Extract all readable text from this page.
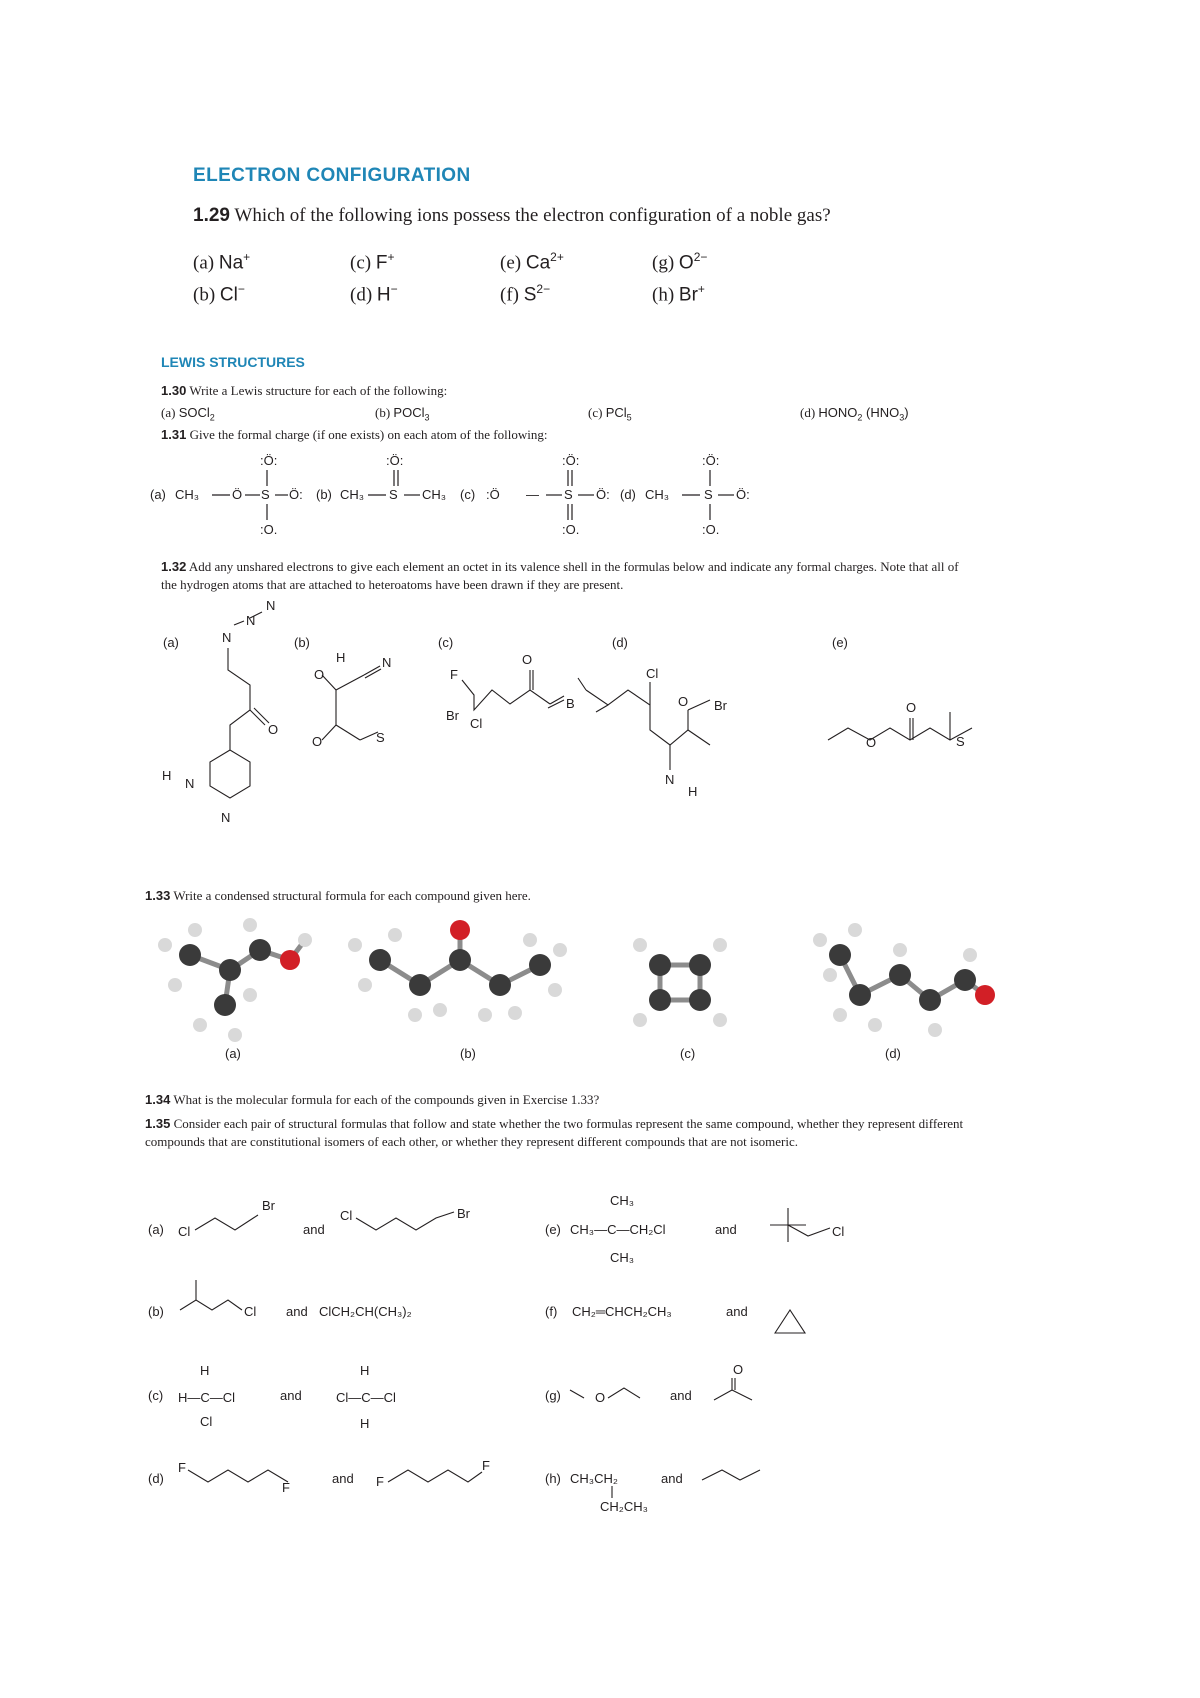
ELECTRON CONFIGURATION
1.29 Which of the following ions possess the electron configuration of a noble gas?
(a) Na+	(c) F+	(e) $Ca^{2+}$	(g) $O^{2-}$
(b) Cl−	(d) H−	(f) $S^{2-}$	(h) Br+
LEWIS STRUCTURES
1.30 Write a Lewis structure for each of the following:
(a) SOCl$_2$	(b) POCl$_3$	(c) PCl$_5$	(d) $HONO_2$ $(HNO_3)$
1.31 Give the formal charge (if one exists) on each atom of the following:
(a) CH₃	Ö S Ö:
:Ö:
:O.
(b) CH₃ S CH₃
:Ö:
(c) :Ö	S Ö:
—
:Ö:
:O.
(d) CH₃	S Ö:
:Ö:
:O.
1.32 Add any unshared electrons to give each element an octet in its valence shell in the formulas below and indicate any formal charges. Note that all of the hydrogen atoms that are attached to heteroatoms have been drawn if they are present.
(a)	(b)	(c)	(d)	(e)
N
N
N
O
H
N
N
O
H	N
O	S
F
Br
Cl
O
B
Cl
O Br
N
H
O
O
S
1.33 Write a condensed structural formula for each compound given here.
(a)	(b)	(c)	(d)
1.34 What is the molecular formula for each of the compounds given in Exercise 1.33?
1.35 Consider each pair of structural formulas that follow and state whether the two formulas represent the same compound, whether they represent different compounds that are constitutional isomers of each other, or whether they represent different compounds that are not isomeric.
(a)
(b)
(c)
(d)
(e)
(f)
(g)
(h)
and
and
and
and
and
and
and
and
ClCH₂CH(CH₃)₂	CH₂═CHCH₂CH₃
CH₃—C—CH₂Cl
CH₃
CH₃
CH₃CH₂
CH₂CH₃
Cl
Br
Cl	Br
Cl
H
H—C—Cl
Cl
H
Cl—C—Cl
H
F
F	F
F
Cl
O
O
